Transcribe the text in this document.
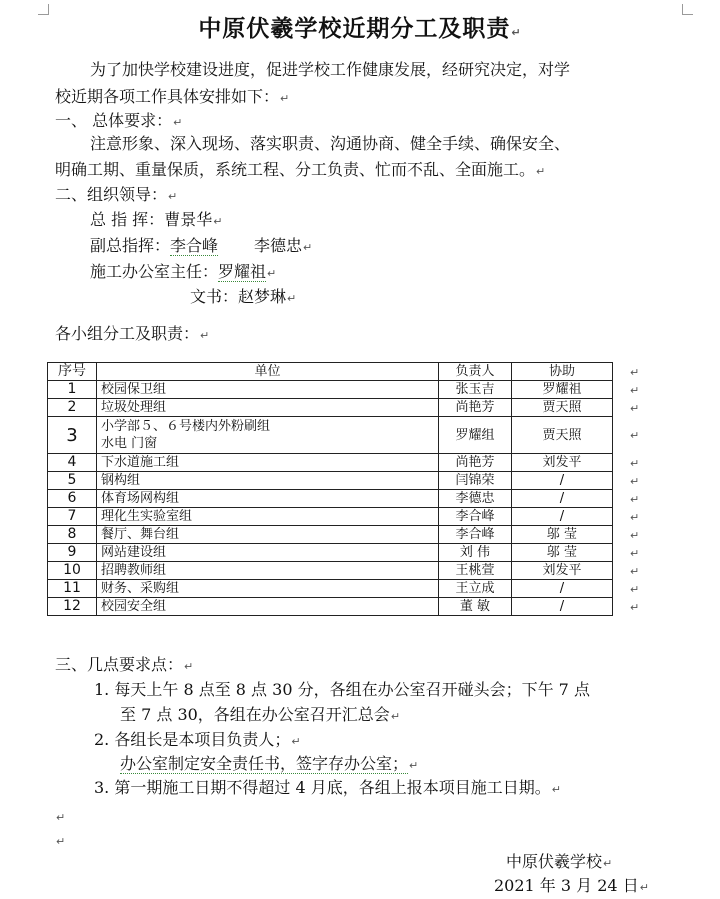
中原伏羲学校近期分工及职责↵
为了加快学校建设进度，促进学校工作健康发展，经研究决定，对学
校近期各项工作具体安排如下：↵
一、 总体要求：↵
注意形象、深入现场、落实职责、沟通协商、健全手续、确保安全、
明确工期、重量保质，系统工程、分工负责、忙而不乱、全面施工。↵
二、组织领导：↵
总 指 挥：曹景华↵
副总指挥：李合峰 李德忠↵
施工办公室主任：罗耀祖↵
文书：赵梦琳↵
各小组分工及职责：↵
序号	单位	负责人	协助
1	校园保卫组	张玉吉	罗耀祖
2	垃圾处理组	尚艳芳	贾天照
3	小学部５、６号楼内外粉刷组
水电 门窗	罗耀组	贾天照
4	下水道施工组	尚艳芳	刘发平
5	钢构组	闫锦荣	/
6	体育场网构组	李德忠	/
7	理化生实验室组	李合峰	/
8	餐厅、舞台组	李合峰	邬 莹
9	网站建设组	刘 伟	邬 莹
10	招聘教师组	王桃萱	刘发平
11	财务、采购组	王立成	/
12	校园安全组	董 敏	/
三、几点要求点：↵
1. 每天上午 8 点至 8 点 30 分，各组在办公室召开碰头会；下午 7 点
至 7 点 30，各组在办公室召开汇总会↵
2. 各组长是本项目负责人；↵
办公室制定安全责任书，签字存办公室；↵
3. 第一期施工日期不得超过 4 月底，各组上报本项目施工日期。↵
↵
↵
中原伏羲学校↵
2021 年 3 月 24 日↵
↵
↵
↵
↵
↵
↵
↵
↵
↵
↵
↵
↵
↵
